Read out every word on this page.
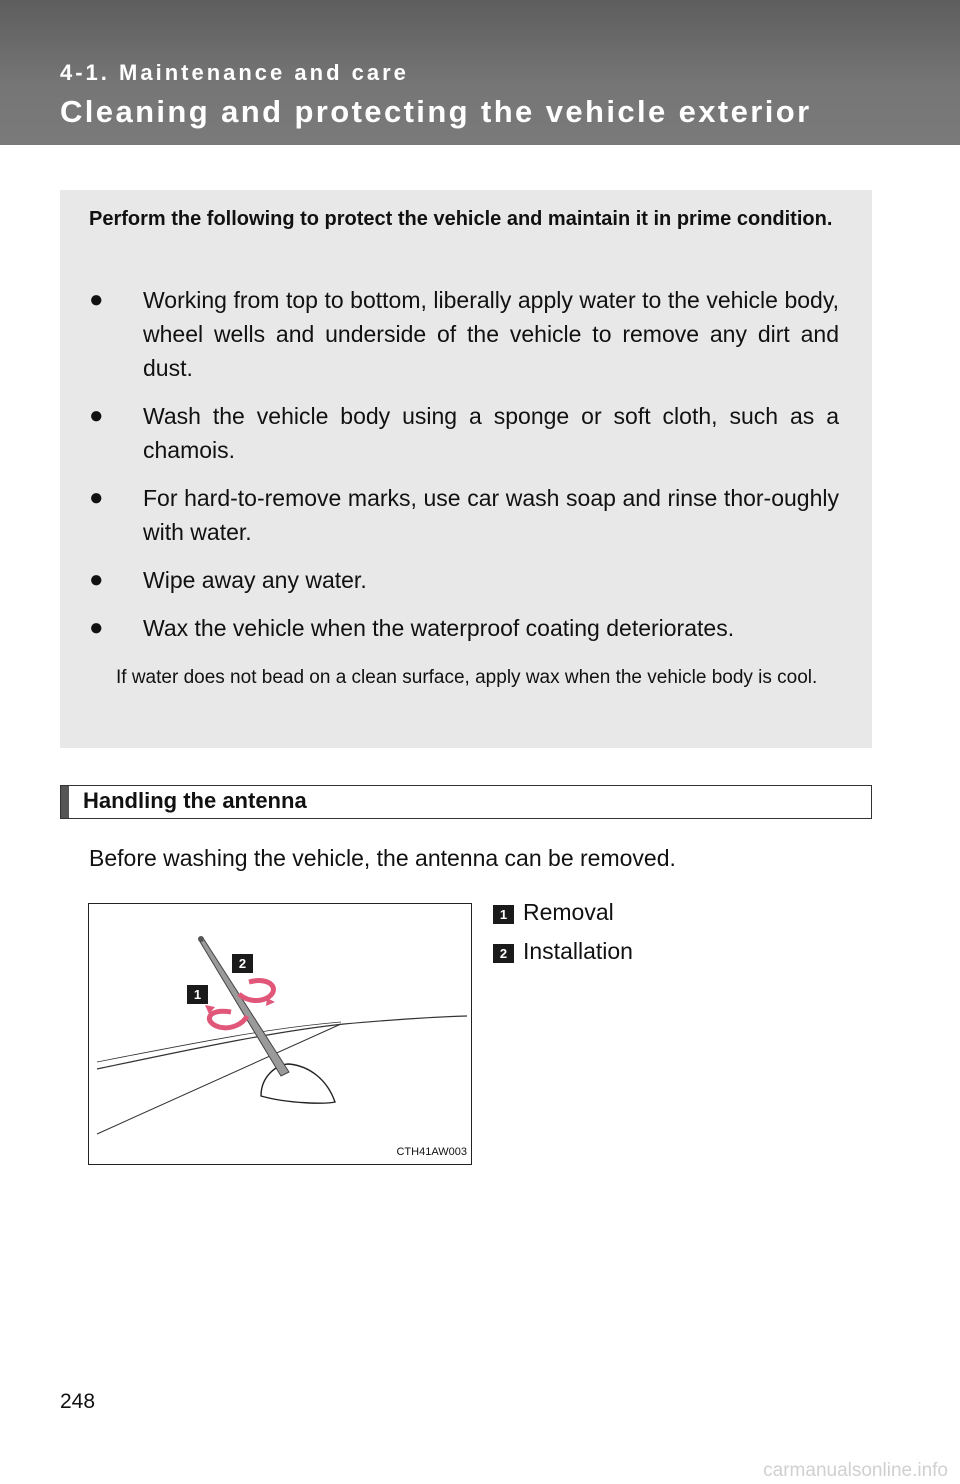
4-1. Maintenance and care
Cleaning and protecting the vehicle exterior

Perform the following to protect the vehicle and maintain it in prime condition.

● Working from top to bottom, liberally apply water to the vehicle body, wheel wells and underside of the vehicle to remove any dirt and dust.
● Wash the vehicle body using a sponge or soft cloth, such as a chamois.
● For hard-to-remove marks, use car wash soap and rinse thor-oughly with water.
● Wipe away any water.
● Wax the vehicle when the waterproof coating deteriorates.

If water does not bead on a clean surface, apply wax when the vehicle body is cool.

Handling the antenna

Before washing the vehicle, the antenna can be removed.

1 Removal
2 Installation
1
2
CTH41AW003
248
carmanualsonline.info
